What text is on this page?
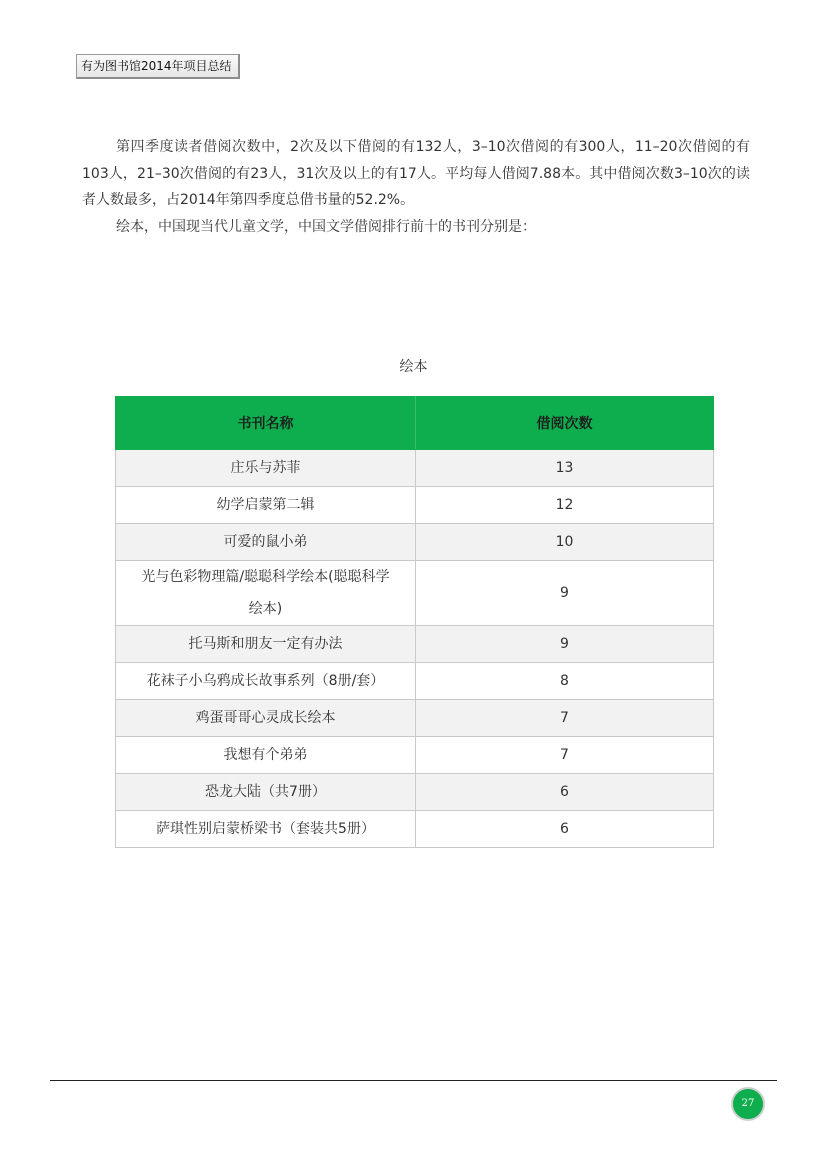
有为图书馆2014年项目总结

第四季度读者借阅次数中，2次及以下借阅的有132人，3–10次借阅的有300人，11–20次借阅的有103人，21–30次借阅的有23人，31次及以上的有17人。平均每人借阅7.88本。其中借阅次数3–10次的读者人数最多，占2014年第四季度总借书量的52.2%。

绘本，中国现当代儿童文学，中国文学借阅排行前十的书刊分别是：

绘本
书刊名称	借阅次数
庄乐与苏菲	13
幼学启蒙第二辑	12
可爱的鼠小弟	10
光与色彩物理篇/聪聪科学绘本(聪聪科学绘本)	9
托马斯和朋友一定有办法	9
花袜子小乌鸦成长故事系列（8册/套）	8
鸡蛋哥哥心灵成长绘本	7
我想有个弟弟	7
恐龙大陆（共7册）	6
萨琪性别启蒙桥梁书（套装共5册）	6
27
